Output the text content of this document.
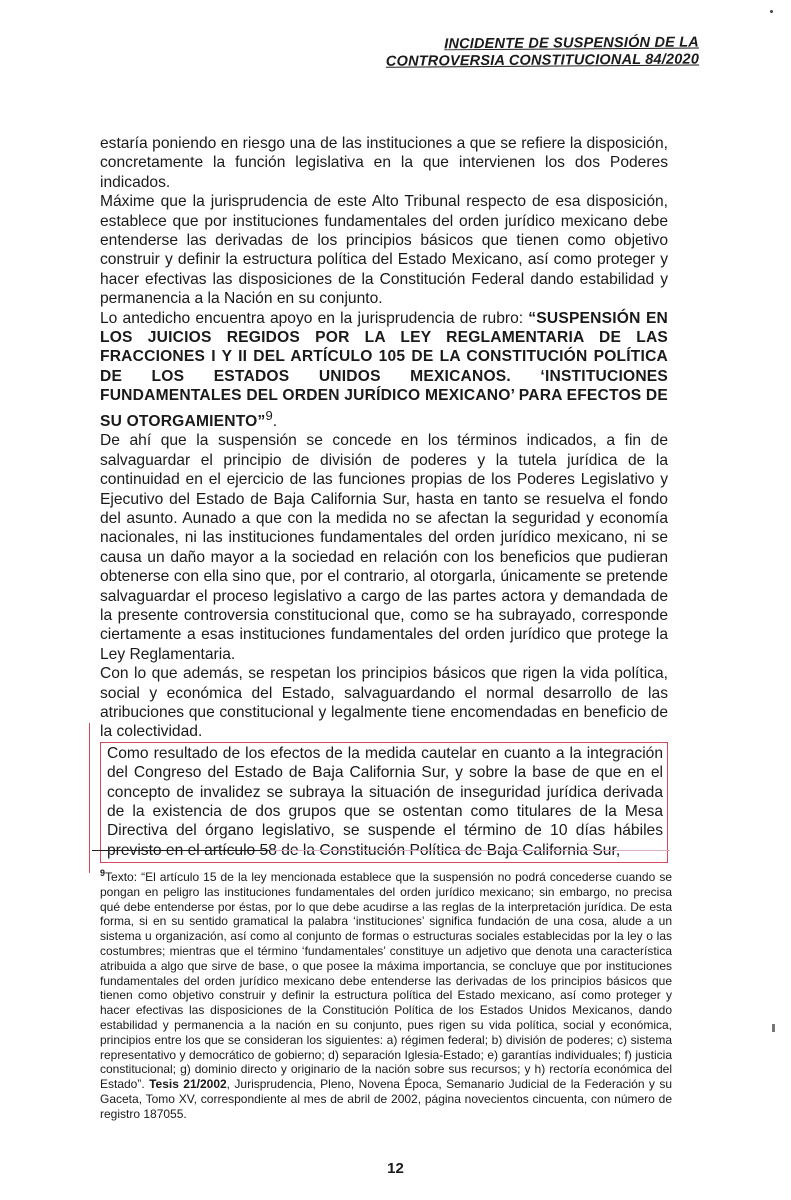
INCIDENTE DE SUSPENSIÓN DE LA
CONTROVERSIA CONSTITUCIONAL 84/2020

estaría poniendo en riesgo una de las instituciones a que se refiere la disposición, concretamente la función legislativa en la que intervienen los dos Poderes indicados.

Máxime que la jurisprudencia de este Alto Tribunal respecto de esa disposición, establece que por instituciones fundamentales del orden jurídico mexicano debe entenderse las derivadas de los principios básicos que tienen como objetivo construir y definir la estructura política del Estado Mexicano, así como proteger y hacer efectivas las disposiciones de la Constitución Federal dando estabilidad y permanencia a la Nación en su conjunto.

Lo antedicho encuentra apoyo en la jurisprudencia de rubro: “SUSPENSIÓN EN LOS JUICIOS REGIDOS POR LA LEY REGLAMENTARIA DE LAS FRACCIONES I Y II DEL ARTÍCULO 105 DE LA CONSTITUCIÓN POLÍTICA DE LOS ESTADOS UNIDOS MEXICANOS. ‘INSTITUCIONES FUNDAMENTALES DEL ORDEN JURÍDICO MEXICANO’ PARA EFECTOS DE SU OTORGAMIENTO”$^9$.

De ahí que la suspensión se concede en los términos indicados, a fin de salvaguardar el principio de división de poderes y la tutela jurídica de la continuidad en el ejercicio de las funciones propias de los Poderes Legislativo y Ejecutivo del Estado de Baja California Sur, hasta en tanto se resuelva el fondo del asunto. Aunado a que con la medida no se afectan la seguridad y economía nacionales, ni las instituciones fundamentales del orden jurídico mexicano, ni se causa un daño mayor a la sociedad en relación con los beneficios que pudieran obtenerse con ella sino que, por el contrario, al otorgarla, únicamente se pretende salvaguardar el proceso legislativo a cargo de las partes actora y demandada de la presente controversia constitucional que, como se ha subrayado, corresponde ciertamente a esas instituciones fundamentales del orden jurídico que protege la Ley Reglamentaria.

Con lo que además, se respetan los principios básicos que rigen la vida política, social y económica del Estado, salvaguardando el normal desarrollo de las atribuciones que constitucional y legalmente tiene encomendadas en beneficio de la colectividad.

Como resultado de los efectos de la medida cautelar en cuanto a la integración del Congreso del Estado de Baja California Sur, y sobre la base de que en el concepto de invalidez se subraya la situación de inseguridad jurídica derivada de la existencia de dos grupos que se ostentan como titulares de la Mesa Directiva del órgano legislativo, se suspende el término de 10 días hábiles previsto en el artículo 58 de la Constitución Política de Baja California Sur,

$^9$Texto: “El artículo 15 de la ley mencionada establece que la suspensión no podrá concederse cuando se pongan en peligro las instituciones fundamentales del orden jurídico mexicano; sin embargo, no precisa qué debe entenderse por éstas, por lo que debe acudirse a las reglas de la interpretación jurídica. De esta forma, si en su sentido gramatical la palabra ‘instituciones’ significa fundación de una cosa, alude a un sistema u organización, así como al conjunto de formas o estructuras sociales establecidas por la ley o las costumbres; mientras que el término ‘fundamentales’ constituye un adjetivo que denota una característica atribuida a algo que sirve de base, o que posee la máxima importancia, se concluye que por instituciones fundamentales del orden jurídico mexicano debe entenderse las derivadas de los principios básicos que tienen como objetivo construir y definir la estructura política del Estado mexicano, así como proteger y hacer efectivas las disposiciones de la Constitución Política de los Estados Unidos Mexicanos, dando estabilidad y permanencia a la nación en su conjunto, pues rigen su vida política, social y económica, principios entre los que se consideran los siguientes: a) régimen federal; b) división de poderes; c) sistema representativo y democrático de gobierno; d) separación Iglesia-Estado; e) garantías individuales; f) justicia constitucional; g) dominio directo y originario de la nación sobre sus recursos; y h) rectoría económica del Estado”. Tesis 21/2002, Jurisprudencia, Pleno, Novena Época, Semanario Judicial de la Federación y su Gaceta, Tomo XV, correspondiente al mes de abril de 2002, página novecientos cincuenta, con número de registro 187055.

12
